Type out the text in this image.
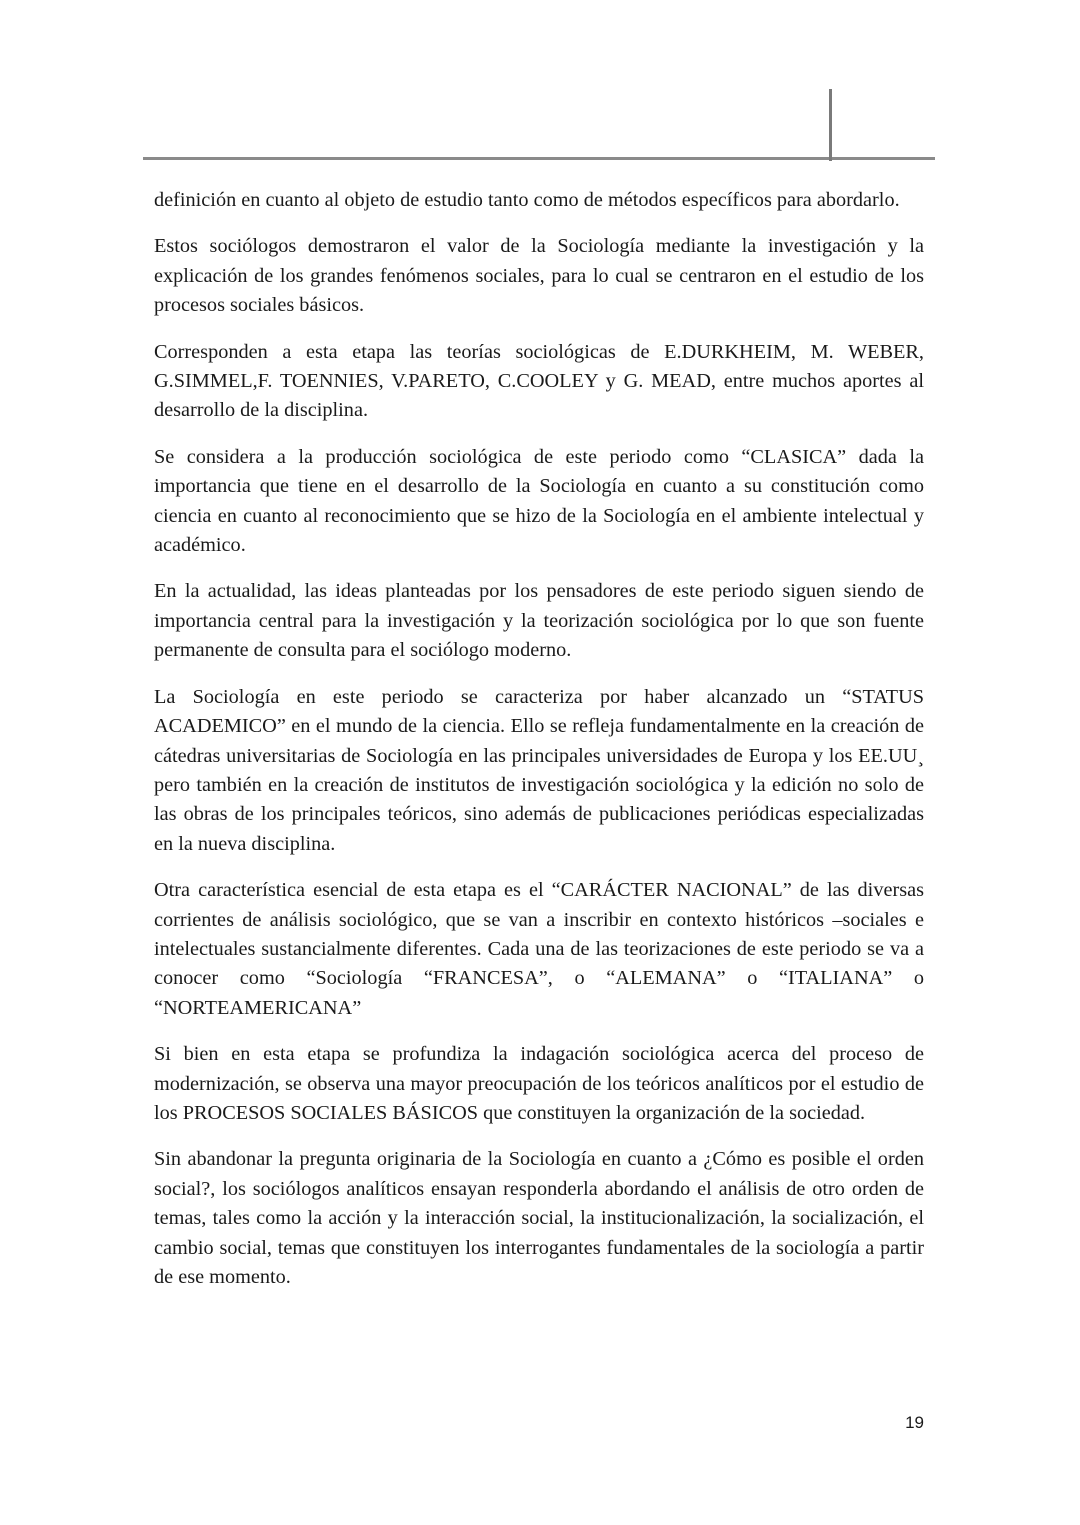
definición en cuanto al objeto de estudio tanto como de métodos específicos para abordarlo.

Estos sociólogos demostraron el valor de la Sociología mediante la investigación y la explicación de los grandes fenómenos sociales, para lo cual se centraron en el estudio de los procesos sociales básicos.

Corresponden a esta etapa las teorías sociológicas de E.DURKHEIM, M. WEBER, G.SIMMEL,F. TOENNIES, V.PARETO, C.COOLEY y G. MEAD, entre muchos aportes al desarrollo de la disciplina.

Se considera a la producción sociológica de este periodo como “CLASICA” dada la importancia que tiene en el desarrollo de la Sociología en cuanto a su constitución como ciencia en cuanto al reconocimiento que se hizo de la Sociología en el ambiente intelectual y académico.

En la actualidad, las ideas planteadas por los pensadores de este periodo siguen siendo de importancia central para la investigación y la teorización sociológica por lo que son fuente permanente de consulta para el sociólogo moderno.

La Sociología en este periodo se caracteriza por haber alcanzado un “STATUS ACADEMICO” en el mundo de la ciencia. Ello se refleja fundamentalmente en la creación de cátedras universitarias de Sociología en las principales universidades de Europa y los EE.UU¸ pero también en la creación de institutos de investigación sociológica y la edición no solo de las obras de los principales teóricos, sino además de publicaciones periódicas especializadas en la nueva disciplina.

Otra característica esencial de esta etapa es el “CARÁCTER NACIONAL” de las diversas corrientes de análisis sociológico, que se van a inscribir en contexto históricos –sociales e intelectuales sustancialmente diferentes. Cada una de las teorizaciones de este periodo se va a conocer como “Sociología “FRANCESA”, o “ALEMANA” o “ITALIANA” o “NORTEAMERICANA”

Si bien en esta etapa se profundiza la indagación sociológica acerca del proceso de modernización, se observa una mayor preocupación de los teóricos analíticos por el estudio de los PROCESOS SOCIALES BÁSICOS que constituyen la organización de la sociedad.

Sin abandonar la pregunta originaria de la Sociología en cuanto a ¿Cómo es posible el orden social?, los sociólogos analíticos ensayan responderla abordando el análisis de otro orden de temas, tales como la acción y la interacción social, la institucionalización, la socialización, el cambio social, temas que constituyen los interrogantes fundamentales de la sociología a partir de ese momento.

19
